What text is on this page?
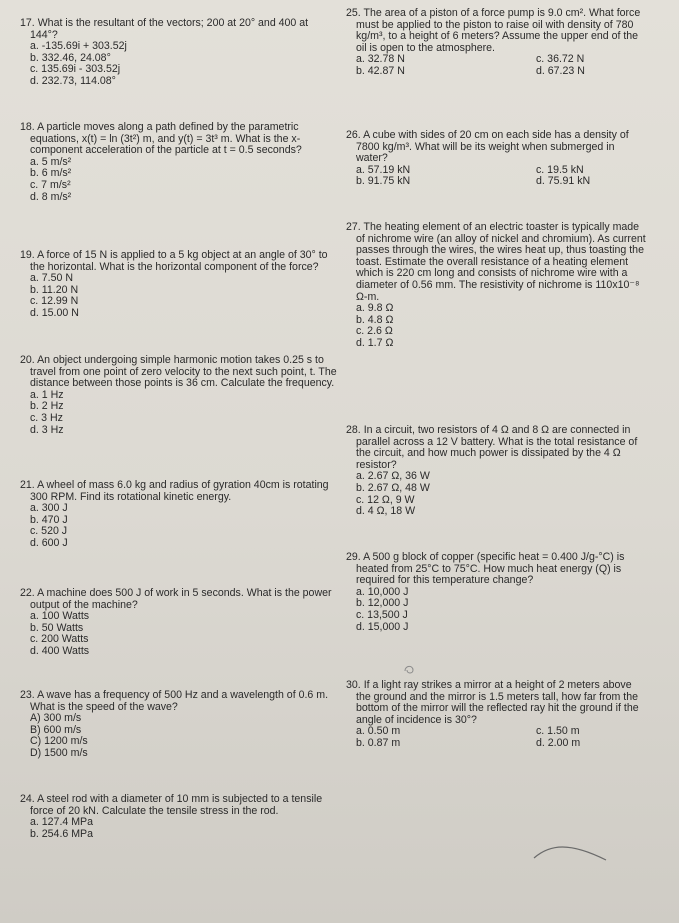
17. What is the resultant of the vectors; 200 at 20° and 400 at 144°?

a. -135.69i + 303.52j
b. 332.46, 24.08°
c. 135.69i - 303.52j
d. 232.73, 114.08°

18. A particle moves along a path defined by the parametric equations, x(t) = ln (3t²) m, and y(t) = 3t³ m. What is the x-component acceleration of the particle at t = 0.5 seconds?

a. 5 m/s²
b. 6 m/s²
c. 7 m/s²
d. 8 m/s²

19. A force of 15 N is applied to a 5 kg object at an angle of 30° to the horizontal. What is the horizontal component of the force?

a. 7.50 N
b. 11.20 N
c. 12.99 N
d. 15.00 N

20. An object undergoing simple harmonic motion takes 0.25 s to travel from one point of zero velocity to the next such point, t. The distance between those points is 36 cm. Calculate the frequency.

a. 1 Hz
b. 2 Hz
c. 3 Hz
d. 3 Hz

21. A wheel of mass 6.0 kg and radius of gyration 40cm is rotating 300 RPM. Find its rotational kinetic energy.

a. 300 J
b. 470 J
c. 520 J
d. 600 J

22. A machine does 500 J of work in 5 seconds. What is the power output of the machine?

a. 100 Watts
b. 50 Watts
c. 200 Watts
d. 400 Watts

23. A wave has a frequency of 500 Hz and a wavelength of 0.6 m. What is the speed of the wave?

A) 300 m/s
B) 600 m/s
C) 1200 m/s
D) 1500 m/s

24. A steel rod with a diameter of 10 mm is subjected to a tensile force of 20 kN. Calculate the tensile stress in the rod.

a. 127.4 MPa
b. 254.6 MPa

25. The area of a piston of a force pump is 9.0 cm². What force must be applied to the piston to raise oil with density of 780 kg/m³, to a height of 6 meters? Assume the upper end of the oil is open to the atmosphere.

a. 32.78 N	c. 36.72 N
b. 42.87 N	d. 67.23 N

26. A cube with sides of 20 cm on each side has a density of 7800 kg/m³. What will be its weight when submerged in water?

a. 57.19 kN	c. 19.5 kN
b. 91.75 kN	d. 75.91 kN

27. The heating element of an electric toaster is typically made of nichrome wire (an alloy of nickel and chromium). As current passes through the wires, the wires heat up, thus toasting the toast. Estimate the overall resistance of a heating element which is 220 cm long and consists of nichrome wire with a diameter of 0.56 mm. The resistivity of nichrome is 110x10⁻⁸ Ω-m.

a. 9.8 Ω
b. 4.8 Ω
c. 2.6 Ω
d. 1.7 Ω

28. In a circuit, two resistors of 4 Ω and 8 Ω are connected in parallel across a 12 V battery. What is the total resistance of the circuit, and how much power is dissipated by the 4 Ω resistor?

a. 2.67 Ω, 36 W
b. 2.67 Ω, 48 W
c. 12 Ω, 9 W
d. 4 Ω, 18 W

29. A 500 g block of copper (specific heat = 0.400 J/g-°C) is heated from 25°C to 75°C. How much heat energy (Q) is required for this temperature change?

a. 10,000 J
b. 12,000 J
c. 13,500 J
d. 15,000 J

30. If a light ray strikes a mirror at a height of 2 meters above the ground and the mirror is 1.5 meters tall, how far from the bottom of the mirror will the reflected ray hit the ground if the angle of incidence is 30°?

a. 0.50 m	c. 1.50 m
b. 0.87 m	d. 2.00 m
